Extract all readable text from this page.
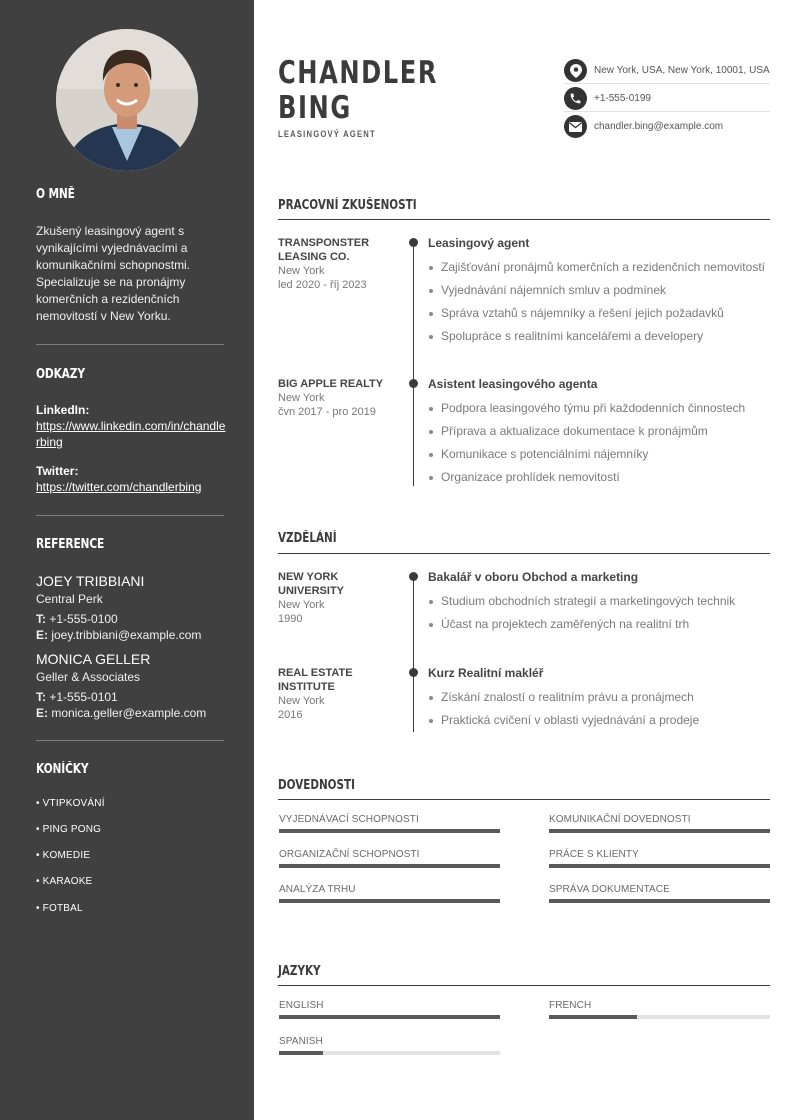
O MNĚ
Zkušený leasingový agent s vynikajícími vyjednávacími a komunikačními schopnostmi. Specializuje se na pronájmy komerčních a rezidenčních nemovitostí v New Yorku.
ODKAZY
LinkedIn:
https://www.linkedin.com/in/chandlerbing
Twitter:
https://twitter.com/chandlerbing
REFERENCE
JOEY TRIBBIANI
Central Perk
T: +1-555-0100
E: joey.tribbiani@example.com
MONICA GELLER
Geller & Associates
T: +1-555-0101
E: monica.geller@example.com
KONÍČKY
• VTIPKOVÁNÍ
• PING PONG
• KOMEDIE
• KARAOKE
• FOTBAL
CHANDLER
BING
LEASINGOVÝ AGENT
New York, USA, New York, 10001, USA
+1-555-0199
chandler.bing@example.com
PRACOVNÍ ZKUŠENOSTI
TRANSPONSTER LEASING CO.
New York
led 2020 - říj 2023
Leasingový agent
Zajišťování pronájmů komerčních a rezidenčních nemovitostí
Vyjednávání nájemních smluv a podmínek
Správa vztahů s nájemníky a řešení jejich požadavků
Spolupráce s realitními kancelářemi a developery
BIG APPLE REALTY
New York
čvn 2017 - pro 2019
Asistent leasingového agenta
Podpora leasingového týmu při každodenních činnostech
Příprava a aktualizace dokumentace k pronájmům
Komunikace s potenciálními nájemníky
Organizace prohlídek nemovitostí
VZDĚLÁNÍ
NEW YORK UNIVERSITY
New York
1990
Bakalář v oboru Obchod a marketing
Studium obchodních strategií a marketingových technik
Účast na projektech zaměřených na realitní trh
REAL ESTATE INSTITUTE
New York
2016
Kurz Realitní makléř
Získání znalostí o realitním právu a pronájmech
Praktická cvičení v oblasti vyjednávání a prodeje
DOVEDNOSTI
VYJEDNÁVACÍ SCHOPNOSTI	KOMUNIKAČNÍ DOVEDNOSTI
ORGANIZAČNÍ SCHOPNOSTI	PRÁCE S KLIENTY
ANALÝZA TRHU	SPRÁVA DOKUMENTACE
JAZYKY
ENGLISH	FRENCH
SPANISH
